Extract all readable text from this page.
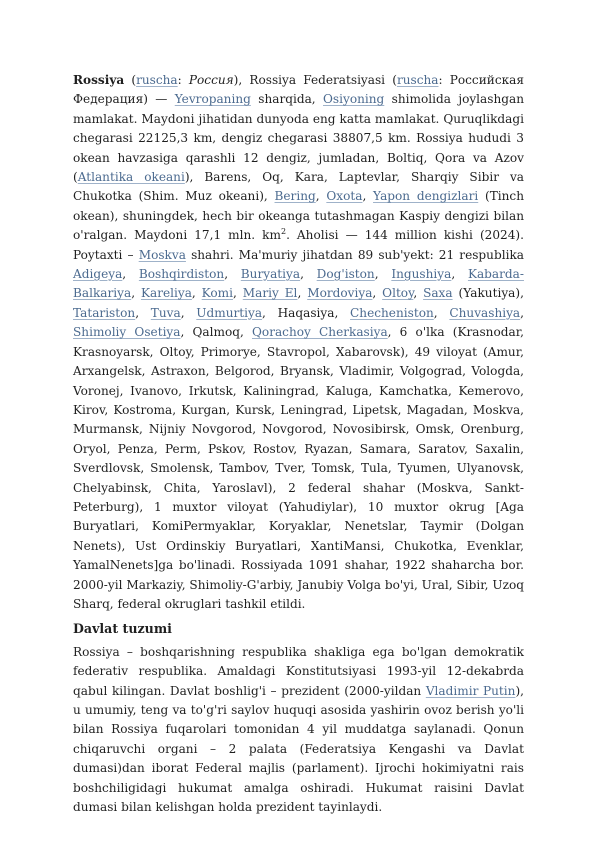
Rossiya (ruscha: Россия), Rossiya Federatsiyasi (ruscha: Российская Федерация) — Yevropaning sharqida, Osiyoning shimolida joylashgan mamlakat. Maydoni jihatidan dunyoda eng katta mamlakat. Quruqlikdagi chegarasi 22125,3 km, dengiz chegarasi 38807,5 km. Rossiya hududi 3 okean havzasiga qarashli 12 dengiz, jumladan, Boltiq, Qora va Azov (Atlantika okeani), Barens, Oq, Kara, Laptevlar, Sharqiy Sibir va Chukotka (Shim. Muz okeani), Bering, Oxota, Yapon dengizlari (Tinch okean), shuningdek, hech bir okeanga tutashmagan Kaspiy dengizi bilan o'ralgan. Maydoni 17,1 mln. $km^2$. Aholisi — 144 million kishi (2024). Poytaxti – Moskva shahri. Ma'muriy jihatdan 89 sub'yekt: 21 respublika Adigeya, Boshqirdiston, Buryatiya, Dog'iston, Ingushiya, Kabarda-Balkariya, Kareliya, Komi, Mariy El, Mordoviya, Oltoy, Saxa (Yakutiya), Tatariston, Tuva, Udmurtiya, Haqasiya, Checheniston, Chuvashiya, Shimoliy Osetiya, Qalmoq, Qorachoy Cherkasiya, 6 o'lka (Krasnodar, Krasnoyarsk, Oltoy, Primorye, Stavropol, Xabarovsk), 49 viloyat (Amur, Arxangelsk, Astraxon, Belgorod, Bryansk, Vladimir, Volgograd, Vologda, Voronej, Ivanovo, Irkutsk, Kaliningrad, Kaluga, Kamchatka, Kemerovo, Kirov, Kostroma, Kurgan, Kursk, Leningrad, Lipetsk, Magadan, Moskva, Murmansk, Nijniy Novgorod, Novgorod, Novosibirsk, Omsk, Orenburg, Oryol, Penza, Perm, Pskov, Rostov, Ryazan, Samara, Saratov, Saxalin, Sverdlovsk, Smolensk, Tambov, Tver, Tomsk, Tula, Tyumen, Ulyanovsk, Chelyabinsk, Chita, Yaroslavl), 2 federal shahar (Moskva, Sankt-Peterburg), 1 muxtor viloyat (Yahudiylar), 10 muxtor okrug [Aga Buryatlari, KomiPermyaklar, Koryaklar, Nenetslar, Taymir (Dolgan Nenets), Ust Ordinskiy Buryatlari, XantiMansi, Chukotka, Evenklar, YamalNenets]ga bo'linadi. Rossiyada 1091 shahar, 1922 shaharcha bor. 2000-yil Markaziy, Shimoliy-G'arbiy, Janubiy Volga bo'yi, Ural, Sibir, Uzoq Sharq, federal okruglari tashkil etildi.

Davlat tuzumi

Rossiya – boshqarishning respublika shakliga ega bo'lgan demokratik federativ respublika. Amaldagi Konstitutsiyasi 1993-yil 12-dekabrda qabul kilingan. Davlat boshlig'i – prezident (2000-yildan Vladimir Putin), u umumiy, teng va to'g'ri saylov huquqi asosida yashirin ovoz berish yo'li bilan Rossiya fuqarolari tomonidan 4 yil muddatga saylanadi. Qonun chiqaruvchi organi – 2 palata (Federatsiya Kengashi va Davlat dumasi)dan iborat Federal majlis (parlament). Ijrochi hokimiyatni rais boshchiligidagi hukumat amalga oshiradi. Hukumat raisini Davlat dumasi bilan kelishgan holda prezident tayinlaydi.
